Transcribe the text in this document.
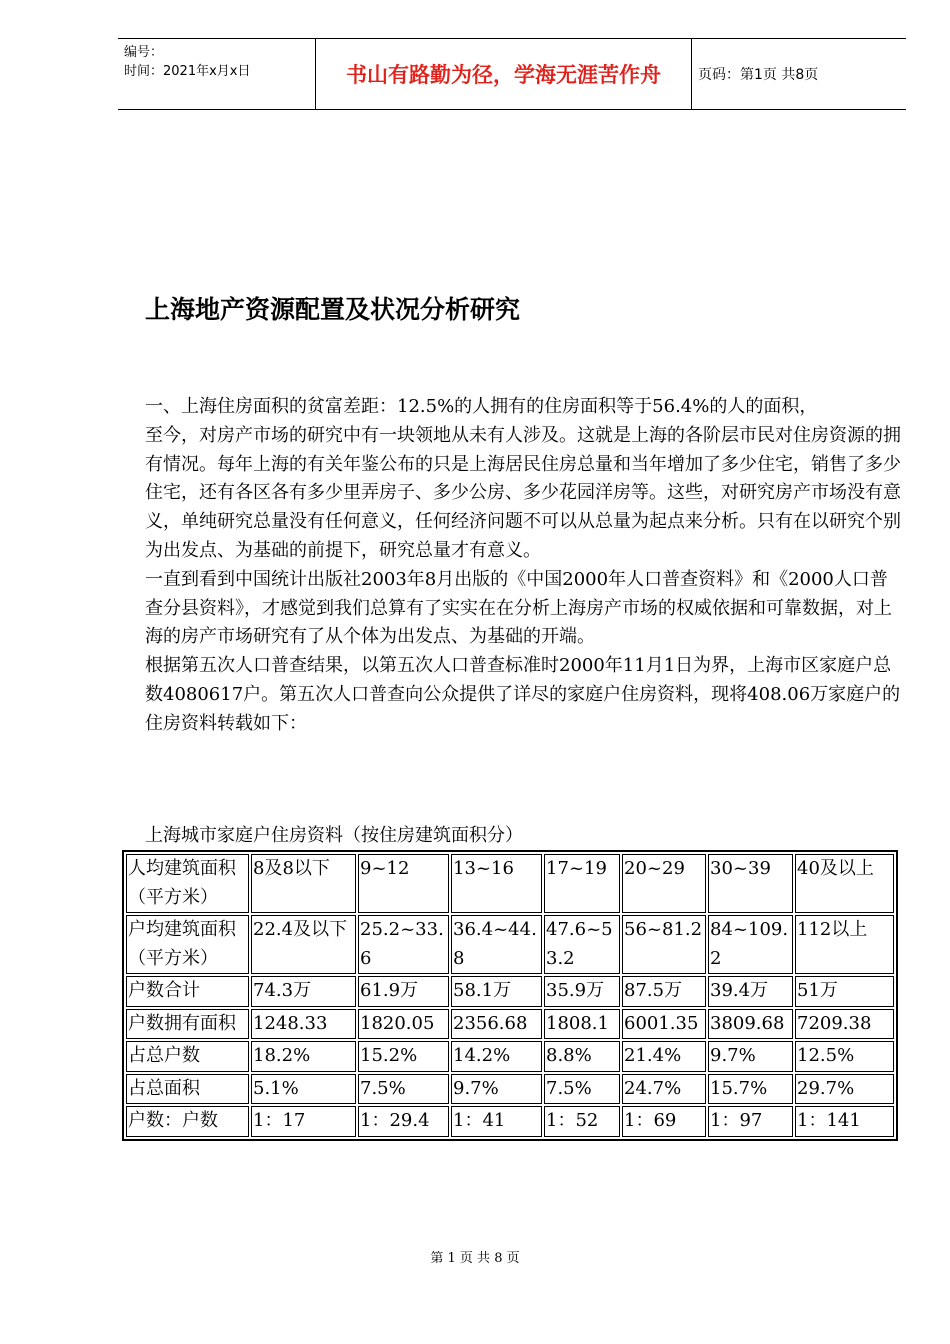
编号：
时间：2021年x月x日	书山有路勤为径，学海无涯苦作舟	页码：第1页 共8页
上海地产资源配置及状况分析研究

一、上海住房面积的贫富差距：12.5%的人拥有的住房面积等于56.4%的人的面积，

至今，对房产市场的研究中有一块领地从未有人涉及。这就是上海的各阶层市民对住房资源的拥有情况。每年上海的有关年鉴公布的只是上海居民住房总量和当年增加了多少住宅，销售了多少住宅，还有各区各有多少里弄房子、多少公房、多少花园洋房等。这些，对研究房产市场没有意义，单纯研究总量没有任何意义，任何经济问题不可以从总量为起点来分析。只有在以研究个别为出发点、为基础的前提下，研究总量才有意义。

一直到看到中国统计出版社2003年8月出版的《中国2000年人口普查资料》和《2000人口普查分县资料》，才感觉到我们总算有了实实在在分析上海房产市场的权威依据和可靠数据，对上海的房产市场研究有了从个体为出发点、为基础的开端。

根据第五次人口普查结果，以第五次人口普查标准时2000年11月1日为界，上海市区家庭户总数4080617户。第五次人口普查向公众提供了详尽的家庭户住房资料，现将408.06万家庭户的住房资料转载如下：

上海城市家庭户住房资料（按住房建筑面积分）
人均建筑面积（平方米）	8及8以下	9~12	13~16	17~19	20~29	30~39	40及以上
户均建筑面积（平方米）	22.4及以下	25.2~33.6	36.4~44.8	47.6~53.2	56~81.2	84~109.2	112以上
户数合计	74.3万	61.9万	58.1万	35.9万	87.5万	39.4万	51万
户数拥有面积	1248.33	1820.05	2356.68	1808.1	6001.35	3809.68	7209.38
占总户数	18.2%	15.2%	14.2%	8.8%	21.4%	9.7%	12.5%
占总面积	5.1%	7.5%	9.7%	7.5%	24.7%	15.7%	29.7%
户数：户数	1：17	1：29.4	1：41	1：52	1：69	1：97	1：141
第 1 页 共 8 页
